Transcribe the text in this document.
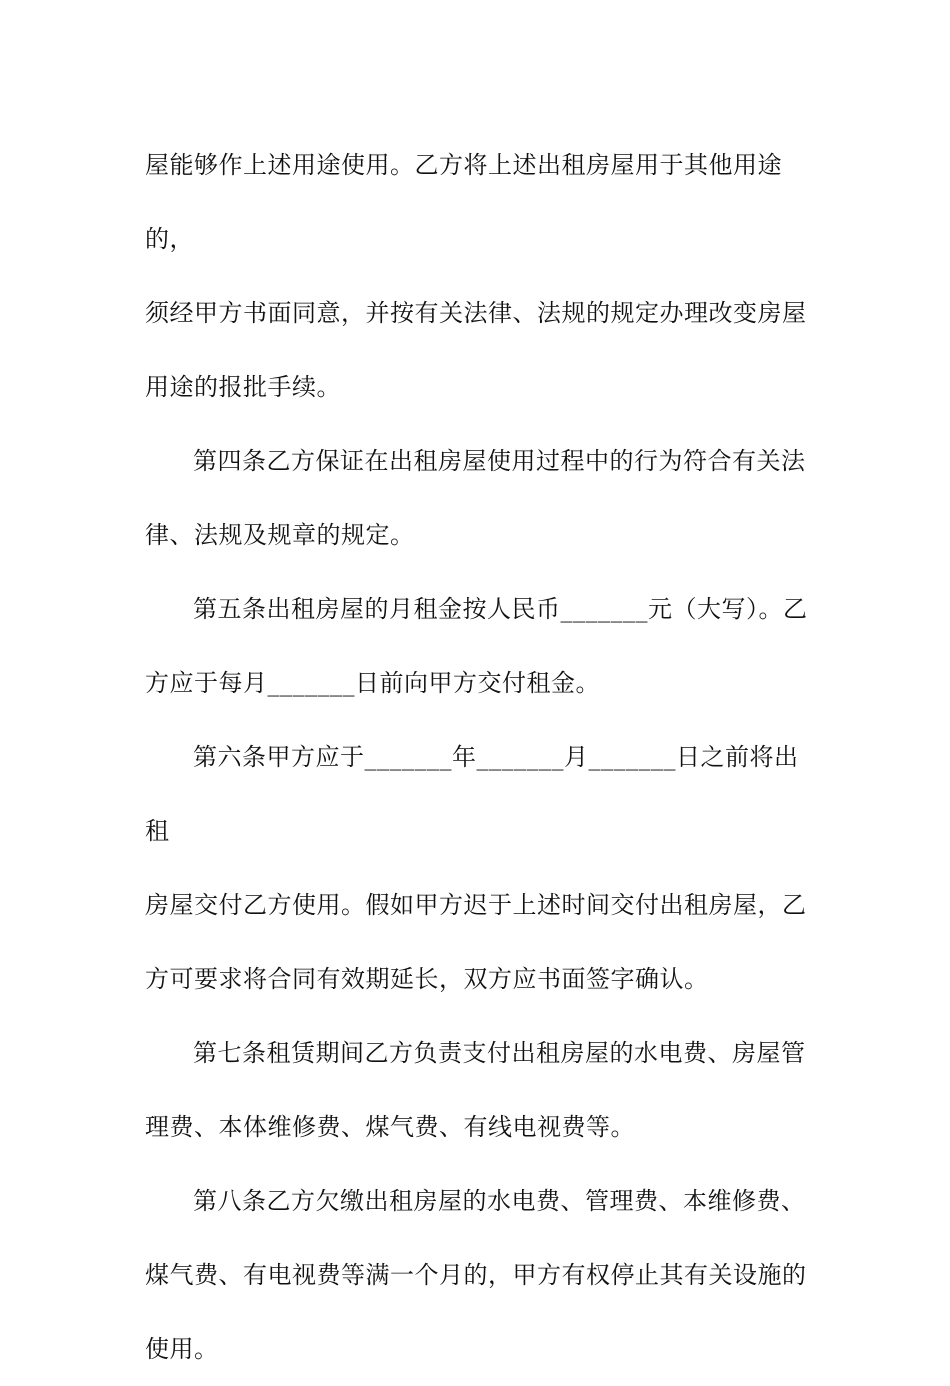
屋能够作上述用途使用。乙方将上述出租房屋用于其他用途的，
须经甲方书面同意，并按有关法律、法规的规定办理改变房屋
用途的报批手续。

第四条乙方保证在出租房屋使用过程中的行为符合有关法
律、法规及规章的规定。

第五条出租房屋的月租金按人民币_______元（大写）。乙
方应于每月_______日前向甲方交付租金。

第六条甲方应于_______年_______月_______日之前将出租
房屋交付乙方使用。假如甲方迟于上述时间交付出租房屋，乙
方可要求将合同有效期延长，双方应书面签字确认。

第七条租赁期间乙方负责支付出租房屋的水电费、房屋管
理费、本体维修费、煤气费、有线电视费等。

第八条乙方欠缴出租房屋的水电费、管理费、本维修费、
煤气费、有电视费等满一个月的，甲方有权停止其有关设施的
使用。
